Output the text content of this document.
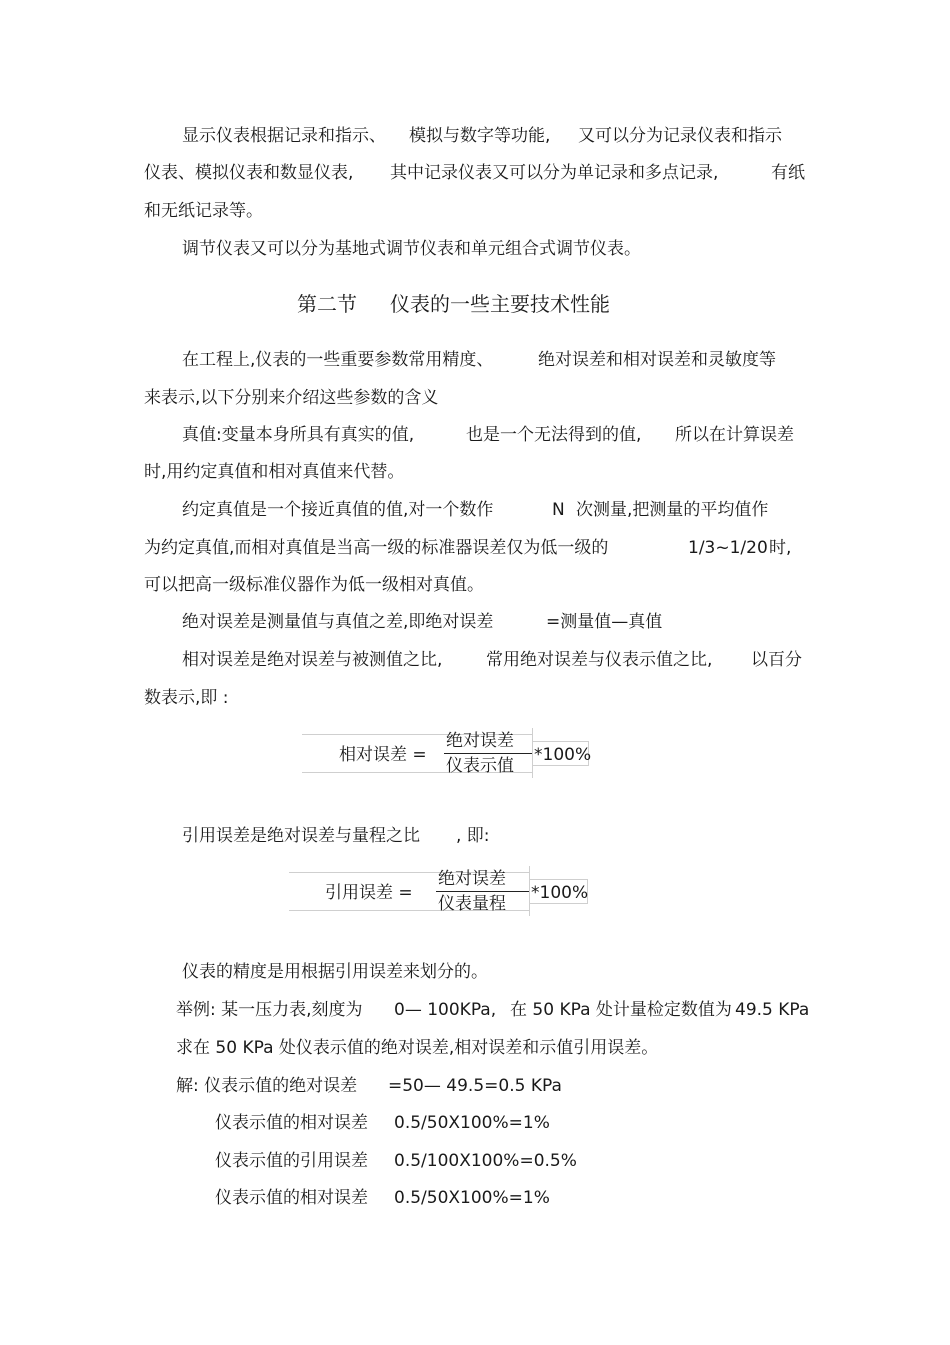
显示仪表根据记录和指示、 模拟与数字等功能, 又可以分为记录仪表和指示
仪表、模拟仪表和数显仪表, 其中记录仪表又可以分为单记录和多点记录,	有纸
和无纸记录等。
调节仪表又可以分为基地式调节仪表和单元组合式调节仪表。
第二节 仪表的一些主要技术性能
在工程上,仪表的一些重要参数常用精度、	绝对误差和相对误差和灵敏度等
来表示,以下分别来介绍这些参数的含义
真值:变量本身所具有真实的值,	也是一个无法得到的值, 所以在计算误差
时,用约定真值和相对真值来代替。
约定真值是一个接近真值的值,对一个数作	N 次测量,把测量的平均值作
为约定真值,而相对真值是当高一级的标准器误差仅为低一级的	1/3~1/20 时,
可以把高一级标准仪器作为低一级相对真值。
绝对误差是测量值与真值之差,即绝对误差	=测量值—真值
相对误差是绝对误差与被测值之比,	常用绝对误差与仪表示值之比, 以百分
数表示,即 :
相对误差 =
绝对误差
仪表示值
*100%
引用误差是绝对误差与量程之比 , 即:
引用误差 =
绝对误差
仪表量程
*100%
仪表的精度是用根据引用误差来划分的。
举例: 某一压力表,刻度为 0— 100KPa, 在 50 KPa 处计量检定数值为 49.5 KPa
求在 50 KPa 处仪表示值的绝对误差,相对误差和示值引用误差。
解: 仪表示值的绝对误差 =50— 49.5=0.5 KPa
仪表示值的相对误差 0.5/50X100%=1%
仪表示值的引用误差 0.5/100X100%=0.5%
仪表示值的相对误差 0.5/50X100%=1%
